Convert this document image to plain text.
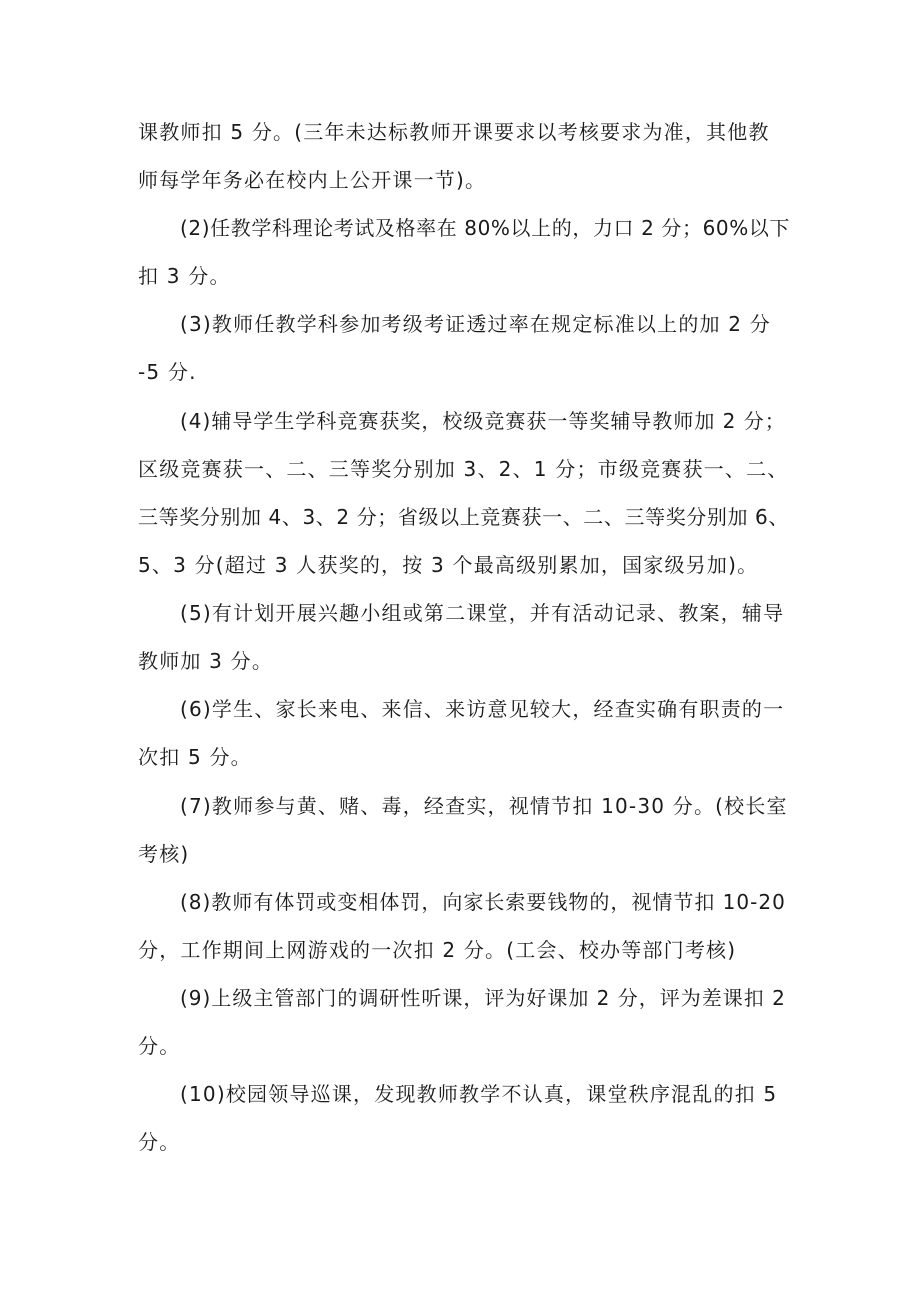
课教师扣 5 分。(三年未达标教师开课要求以考核要求为准，其他教
师每学年务必在校内上公开课一节)。
(2)任教学科理论考试及格率在 80%以上的，力口 2 分；60%以下
扣 3 分。
(3)教师任教学科参加考级考证透过率在规定标准以上的加 2 分
-5 分.
(4)辅导学生学科竞赛获奖，校级竞赛获一等奖辅导教师加 2 分；
区级竞赛获一、二、三等奖分别加 3、2、1 分；市级竞赛获一、二、
三等奖分别加 4、3、2 分；省级以上竞赛获一、二、三等奖分别加 6、
5、3 分(超过 3 人获奖的，按 3 个最高级别累加，国家级另加)。
(5)有计划开展兴趣小组或第二课堂，并有活动记录、教案，辅导
教师加 3 分。
(6)学生、家长来电、来信、来访意见较大，经查实确有职责的一
次扣 5 分。
(7)教师参与黄、赌、毒，经查实，视情节扣 10-30 分。(校长室
考核)
(8)教师有体罚或变相体罚，向家长索要钱物的，视情节扣 10-20
分，工作期间上网游戏的一次扣 2 分。(工会、校办等部门考核)
(9)上级主管部门的调研性听课，评为好课加 2 分，评为差课扣 2
分。
(10)校园领导巡课，发现教师教学不认真，课堂秩序混乱的扣 5
分。
